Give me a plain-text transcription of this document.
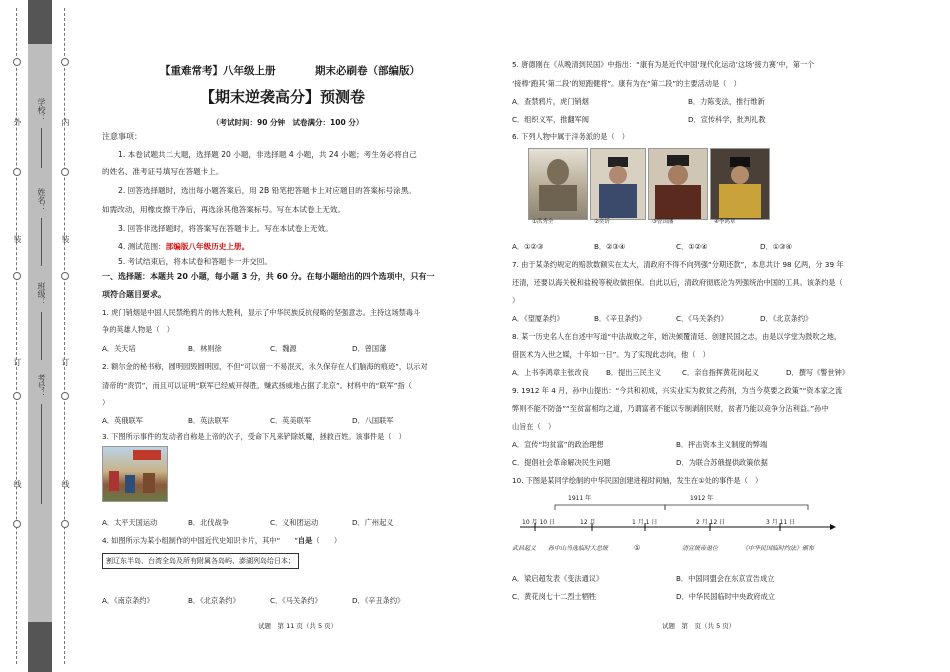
外
装
订
线
学校：
姓名：
班级：
考号：
内
装
订
线
【重难常考】八年级上册	期末必刷卷（部编版）
【期末逆袭高分】预测卷
（考试时间：90 分钟　试卷满分：100 分）
注意事项：
1. 本卷试题共二大题，选择题 20 小题，非选择题 4 小题，共 24 小题；考生务必将自己
的姓名、准考证号填写在答题卡上。
2. 回答选择题时，选出每小题答案后，用 2B 铅笔把答题卡上对应题目的答案标号涂黑。
如需改动，用橡皮擦干净后，再选涂其他答案标号。写在本试卷上无效。
3. 回答非选择题时，将答案写在答题卡上。写在本试卷上无效。
4. 测试范围：部编版八年级历史上册。
5. 考试结束后，将本试卷和答题卡一并交回。
一、选择题：本题共 20 小题，每小题 3 分，共 60 分。在每小题给出的四个选项中，只有一
项符合题目要求。
1. 虎门销烟是中国人民禁绝鸦片的伟大胜利，显示了中华民族反抗侵略的坚强意志。主持这场禁毒斗
争的英雄人物是（　）
A．关天培	B．林则徐	C．魏源	D．曾国藩
2. 额尔金的秘书称，圆明园毁圆明园，不但“可以留一不易泯灭，永久保存在人们脑海的痕迹”，以示对
清帝的“责罚”，而且可以证明“联军已经威开得胜，赚武扬威地占据了北京”。材料中的“联军”指（
）
A．英俄联军	B．英法联军	C．英美联军	D．八国联军
3. 下图所示事件的发动者自称是上帝的次子，受命下凡来铲除妖魔，拯救百姓。该事件是（　）
A．太平天国运动	B．北伐战争	C．义和团运动	D．广州起义
4. 如图所示为某小组制作的中国近代史知识卡片，其中“ ”自是（　　）
割辽东半岛、台湾全岛及所有附属各岛屿、澎湖列岛给日本；
A．《南京条约》	B．《北京条约》	C．《马关条约》	D．《辛丑条约》
试题　第 11 页（共 5 页）
5. 唐德刚在《从晚清到民国》中指出：“康有为是近代中国‘现代化运动’这场‘接力赛’中，第一个
‘接棒’跑其‘第二段’的短跑健将”。康有为在“第二段”的主要活动是（　）
A．查禁鸦片，虎门销烟	B．力陈变法，推行维新
C．组织义军，推翻军阀	D．宣传科学，批判礼教
6. 下列人物中属于洋务派的是（　）
①洪秀全	②奕䜣	③曾国藩	④李鸿章
A．①②③	B．②③④	C．①②④	D．①③④
7. 由于某条约规定的赔款数额实在太大，清政府不得不向列强“分期还款”，本息共计 98 亿两，分 39 年
还清，还要以海关税和盐税等税收做担保。自此以后，清政府彻底沦为列强统治中国的工具。该条约是（
）
A．《望厦条约》	B．《辛丑条约》	C．《马关条约》	D．《北京条约》
8. 某一历史名人在自述中写道“中法战败之年，始决倾覆清廷、创建民国之志，由是以学堂为鼓吹之地，
借医术为入世之媒，十年如一日”。为了实现此志向，他（　）
A．上书李鸿章主张改良 B．提出三民主义	C．亲自指挥黄花岗起义	D．撰写《警世钟》
9. 1912 年 4 月，孙中山提出：“今共和初成，兴实业实为救贫之药剂，为当今莫要之政策”“资本家之流
弊则不能不防备”“至贫富相均之道，乃谓富者不能以专制剥削民财，贫者乃能以竞争分沾利益。”孙中
山旨在（　）
A．宣传“均贫富”的政治理想	B．抨击资本主义制度的弊端
C．提倡社会革命解决民生问题	D．为联合苏俄提供政策依据
10. 下图是某同学绘制的中华民国创建进程时间轴，发生在①处的事件是（　）
1911 年	1912 年
10 月 10 日	12 月	1 月 1 日	2 月 12 日	3 月 11 日
武昌起义 孙中山当选临时大总统	①	清宣统帝退位	《中华民国临时约法》颁布
A．梁启超发表《变法通议》	B．中国同盟会在东京宣告成立
C．黄花岗七十二烈士牺牲	D．中华民国临时中央政府成立
试题　第　页（共 5 页）
